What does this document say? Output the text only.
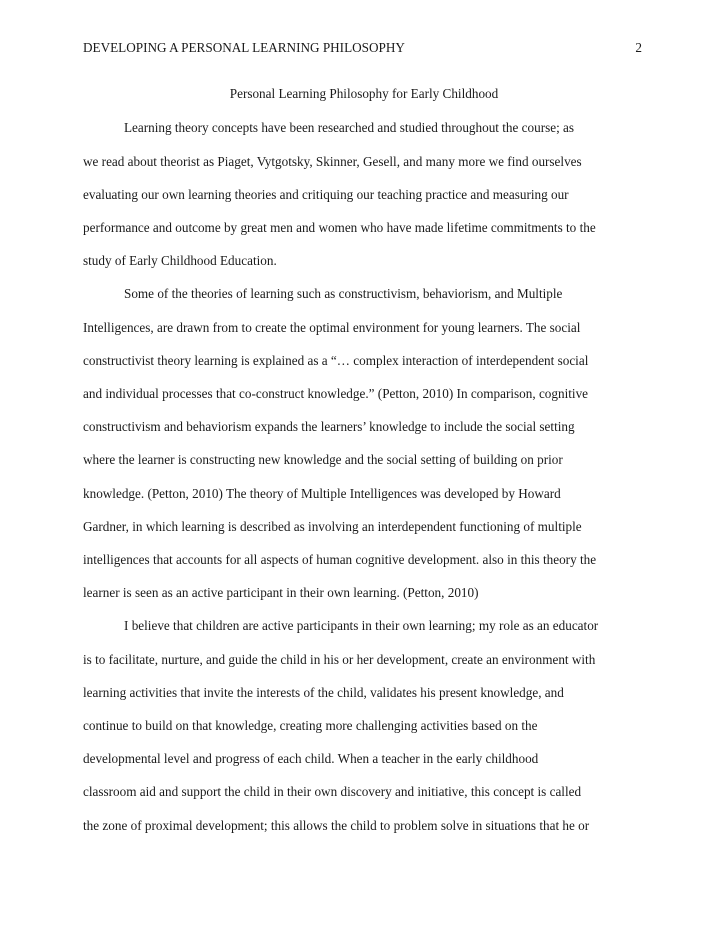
DEVELOPING A PERSONAL LEARNING PHILOSOPHY	2
Personal Learning Philosophy for Early Childhood
Learning theory concepts have been researched and studied throughout the course; as
we read about theorist as Piaget, Vytgotsky, Skinner, Gesell, and many more we find ourselves
evaluating our own learning theories and critiquing our teaching practice and measuring our
performance and outcome by great men and women who have made lifetime commitments to the
study of Early Childhood Education.
Some of the theories of learning such as constructivism, behaviorism, and Multiple
Intelligences, are drawn from to create the optimal environment for young learners. The social
constructivist theory learning is explained as a “… complex interaction of interdependent social
and individual processes that co-construct knowledge.” (Petton, 2010) In comparison, cognitive
constructivism and behaviorism expands the learners’ knowledge to include the social setting
where the learner is constructing new knowledge and the social setting of building on prior
knowledge. (Petton, 2010) The theory of Multiple Intelligences was developed by Howard
Gardner, in which learning is described as involving an interdependent functioning of multiple
intelligences that accounts for all aspects of human cognitive development. also in this theory the
learner is seen as an active participant in their own learning. (Petton, 2010)
I believe that children are active participants in their own learning; my role as an educator
is to facilitate, nurture, and guide the child in his or her development, create an environment with
learning activities that invite the interests of the child, validates his present knowledge, and
continue to build on that knowledge, creating more challenging activities based on the
developmental level and progress of each child. When a teacher in the early childhood
classroom aid and support the child in their own discovery and initiative, this concept is called
the zone of proximal development; this allows the child to problem solve in situations that he or
